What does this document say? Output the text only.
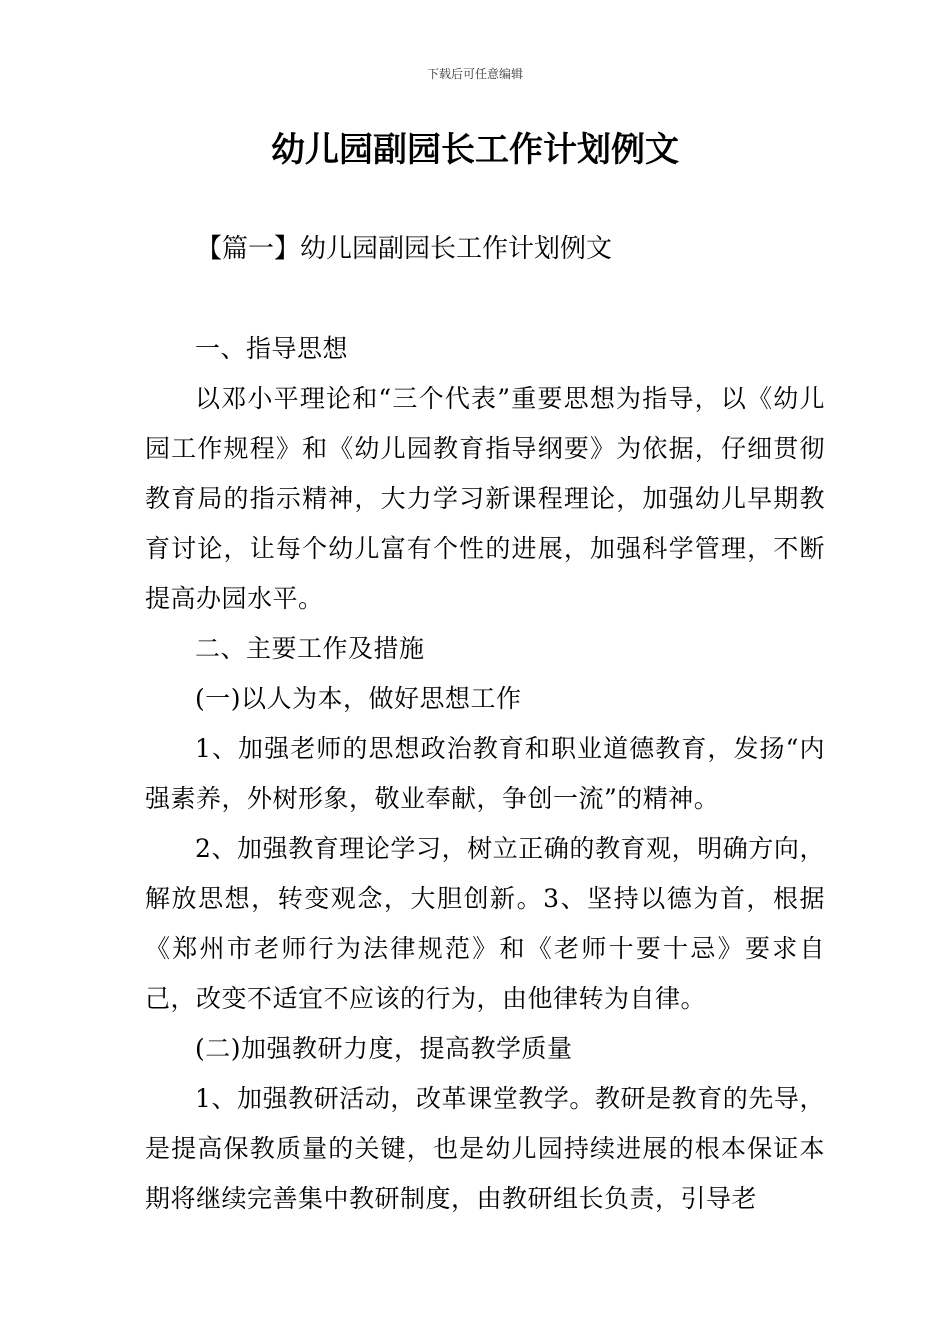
下载后可任意编辑
幼儿园副园长工作计划例文
【篇一】幼儿园副园长工作计划例文

一、指导思想

以邓小平理论和“三个代表”重要思想为指导，以《幼儿园工作规程》和《幼儿园教育指导纲要》为依据，仔细贯彻教育局的指示精神，大力学习新课程理论，加强幼儿早期教育讨论，让每个幼儿富有个性的进展，加强科学管理，不断提高办园水平。

二、主要工作及措施

(一)以人为本，做好思想工作

1、加强老师的思想政治教育和职业道德教育，发扬“内强素养，外树形象，敬业奉献，争创一流”的精神。

2、加强教育理论学习，树立正确的教育观，明确方向，解放思想，转变观念，大胆创新。3、坚持以德为首，根据《郑州市老师行为法律规范》和《老师十要十忌》要求自己，改变不适宜不应该的行为，由他律转为自律。

(二)加强教研力度，提高教学质量

1、加强教研活动，改革课堂教学。教研是教育的先导，是提高保教质量的关键，也是幼儿园持续进展的根本保证本期将继续完善集中教研制度，由教研组长负责，引导老
